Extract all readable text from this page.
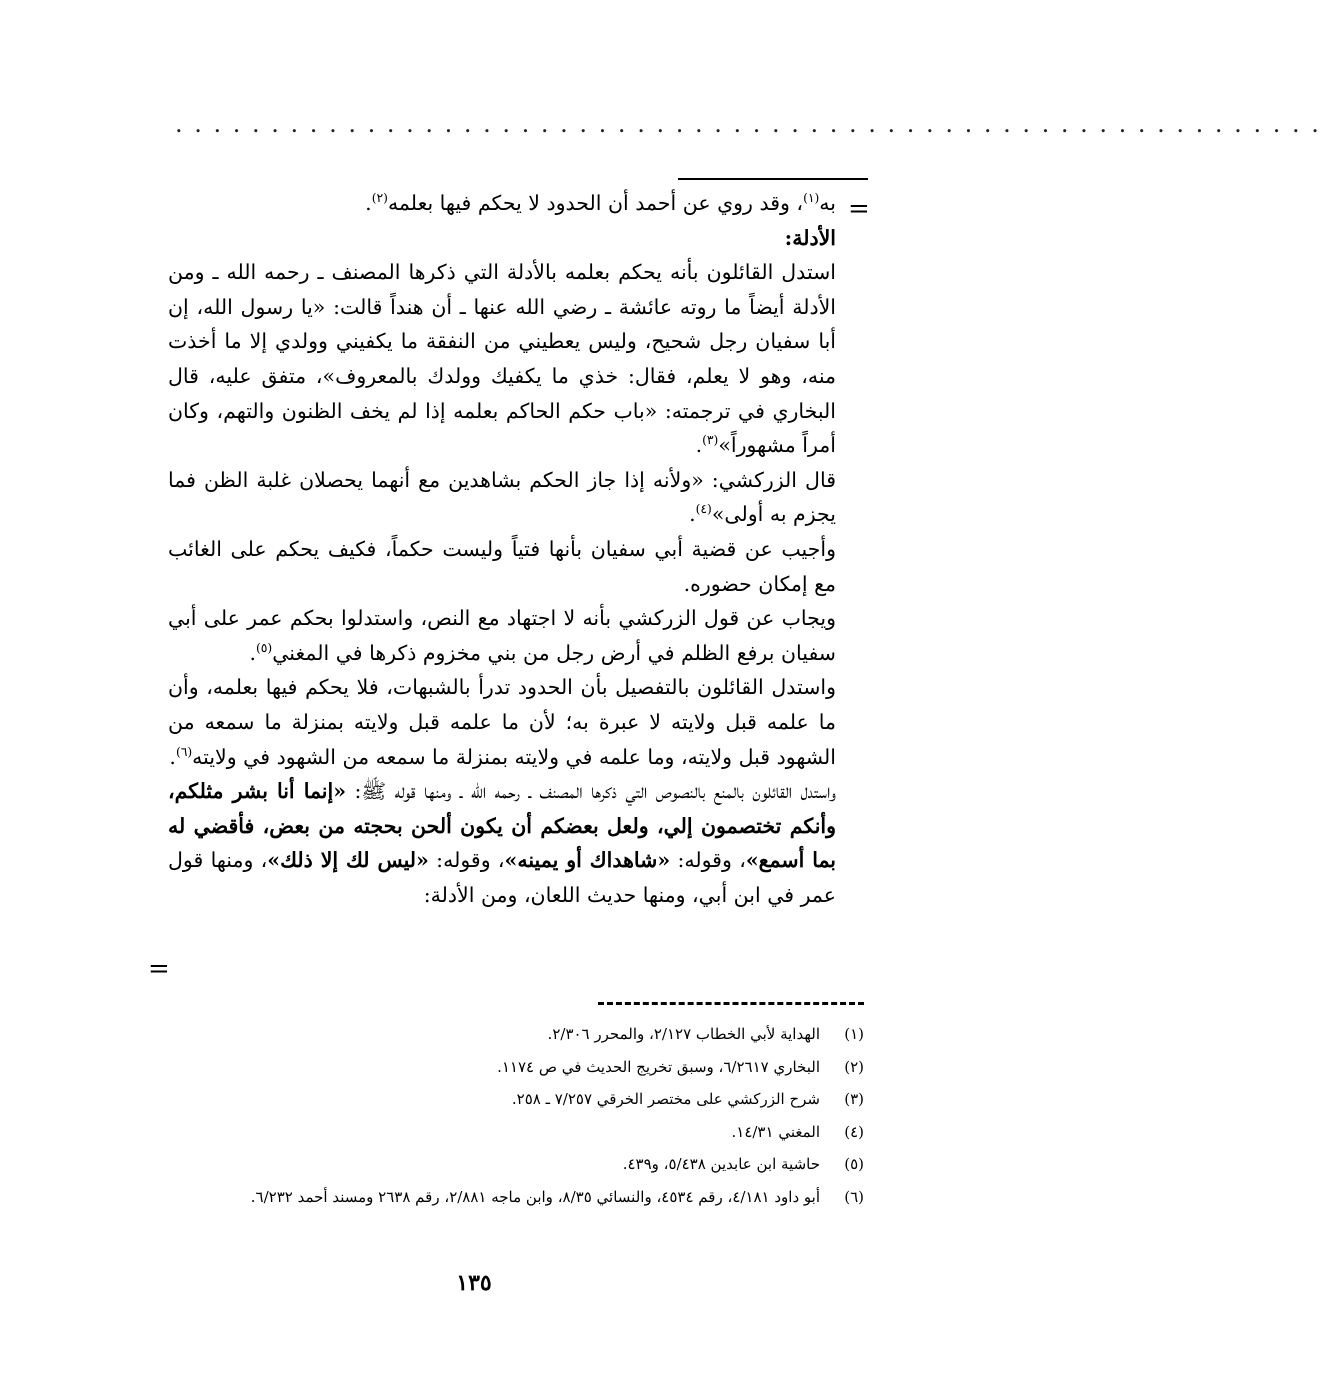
. . . . . . . . . . . . . . . . . . . . . . . . . . . . . . . . . . . . . . . . . . . . . . . . . . . . . . . . . . . .
=

به$^{(١)}$، وقد روي عن أحمد أن الحدود لا يحكم فيها بعلمه$^{(٢)}$.

الأدلة:

استدل القائلون بأنه يحكم بعلمه بالأدلة التي ذكرها المصنف ـ رحمه الله ـ ومن الأدلة أيضاً ما روته عائشة ـ رضي الله عنها ـ أن هنداً قالت: «يا رسول الله، إن أبا سفيان رجل شحيح، وليس يعطيني من النفقة ما يكفيني وولدي إلا ما أخذت منه، وهو لا يعلم، فقال: خذي ما يكفيك وولدك بالمعروف»، متفق عليه، قال البخاري في ترجمته: «باب حكم الحاكم بعلمه إذا لم يخف الظنون والتهم، وكان أمراً مشهوراً»$^{(٣)}$.

قال الزركشي: «ولأنه إذا جاز الحكم بشاهدين مع أنهما يحصلان غلبة الظن فما يجزم به أولى»$^{(٤)}$.

وأجيب عن قضية أبي سفيان بأنها فتياً وليست حكماً، فكيف يحكم على الغائب مع إمكان حضوره.

ويجاب عن قول الزركشي بأنه لا اجتهاد مع النص، واستدلوا بحكم عمر على أبي سفيان برفع الظلم في أرض رجل من بني مخزوم ذكرها في المغني$^{(٥)}$.

واستدل القائلون بالتفصيل بأن الحدود تدرأ بالشبهات، فلا يحكم فيها بعلمه، وأن ما علمه قبل ولايته لا عبرة به؛ لأن ما علمه قبل ولايته بمنزلة ما سمعه من الشهود قبل ولايته، وما علمه في ولايته بمنزلة ما سمعه من الشهود في ولايته$^{(٦)}$.

واستدل القائلون بالمنع بالنصوص التي ذكرها المصنف ـ رحمه الله ـ ومنها قوله ﷺ: «إنما أنا بشر مثلكم، وأنكم تختصمون إلي، ولعل بعضكم أن يكون ألحن بحجته من بعض، فأقضي له بما أسمع»، وقوله: «شاهداك أو يمينه»، وقوله: «ليس لك إلا ذلك»، ومنها قول عمر في ابن أبي، ومنها حديث اللعان، ومن الأدلة:

=
(١)
الهداية لأبي الخطاب ٢/١٢٧، والمحرر ٢/٣٠٦.
(٢)
البخاري ٦/٢٦١٧، وسبق تخريج الحديث في ص ١١٧٤.
(٣)
شرح الزركشي على مختصر الخرقي ٧/٢٥٧ ـ ٢٥٨.
(٤)
المغني ١٤/٣١.
(٥)
حاشية ابن عابدين ٥/٤٣٨، و٤٣٩.
(٦)
أبو داود ٤/١٨١، رقم ٤٥٣٤، والنسائي ٨/٣٥، وابن ماجه ٢/٨٨١، رقم ٢٦٣٨ ومسند أحمد ٦/٢٣٢.
١٣٥
